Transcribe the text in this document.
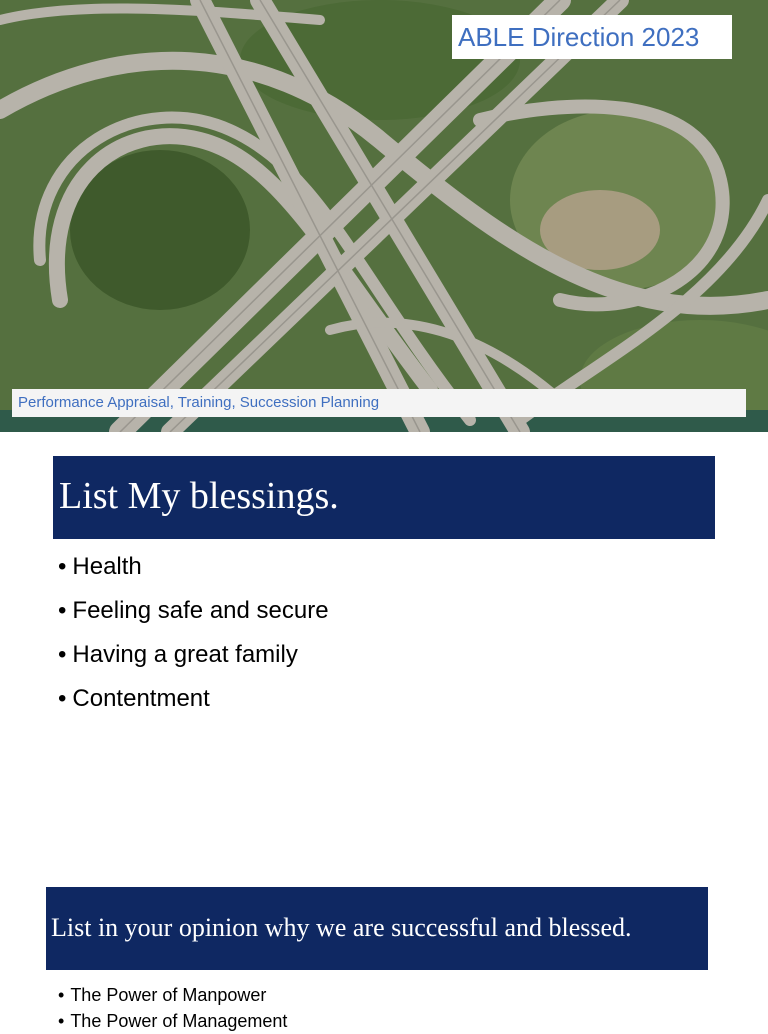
ABLE Direction 2023
Performance Appraisal, Training, Succession Planning
List My blessings.
• Health
• Feeling safe and secure
• Having a great family
• Contentment
List in your opinion why we are successful and blessed.
• The Power of Manpower
• The Power of Management
